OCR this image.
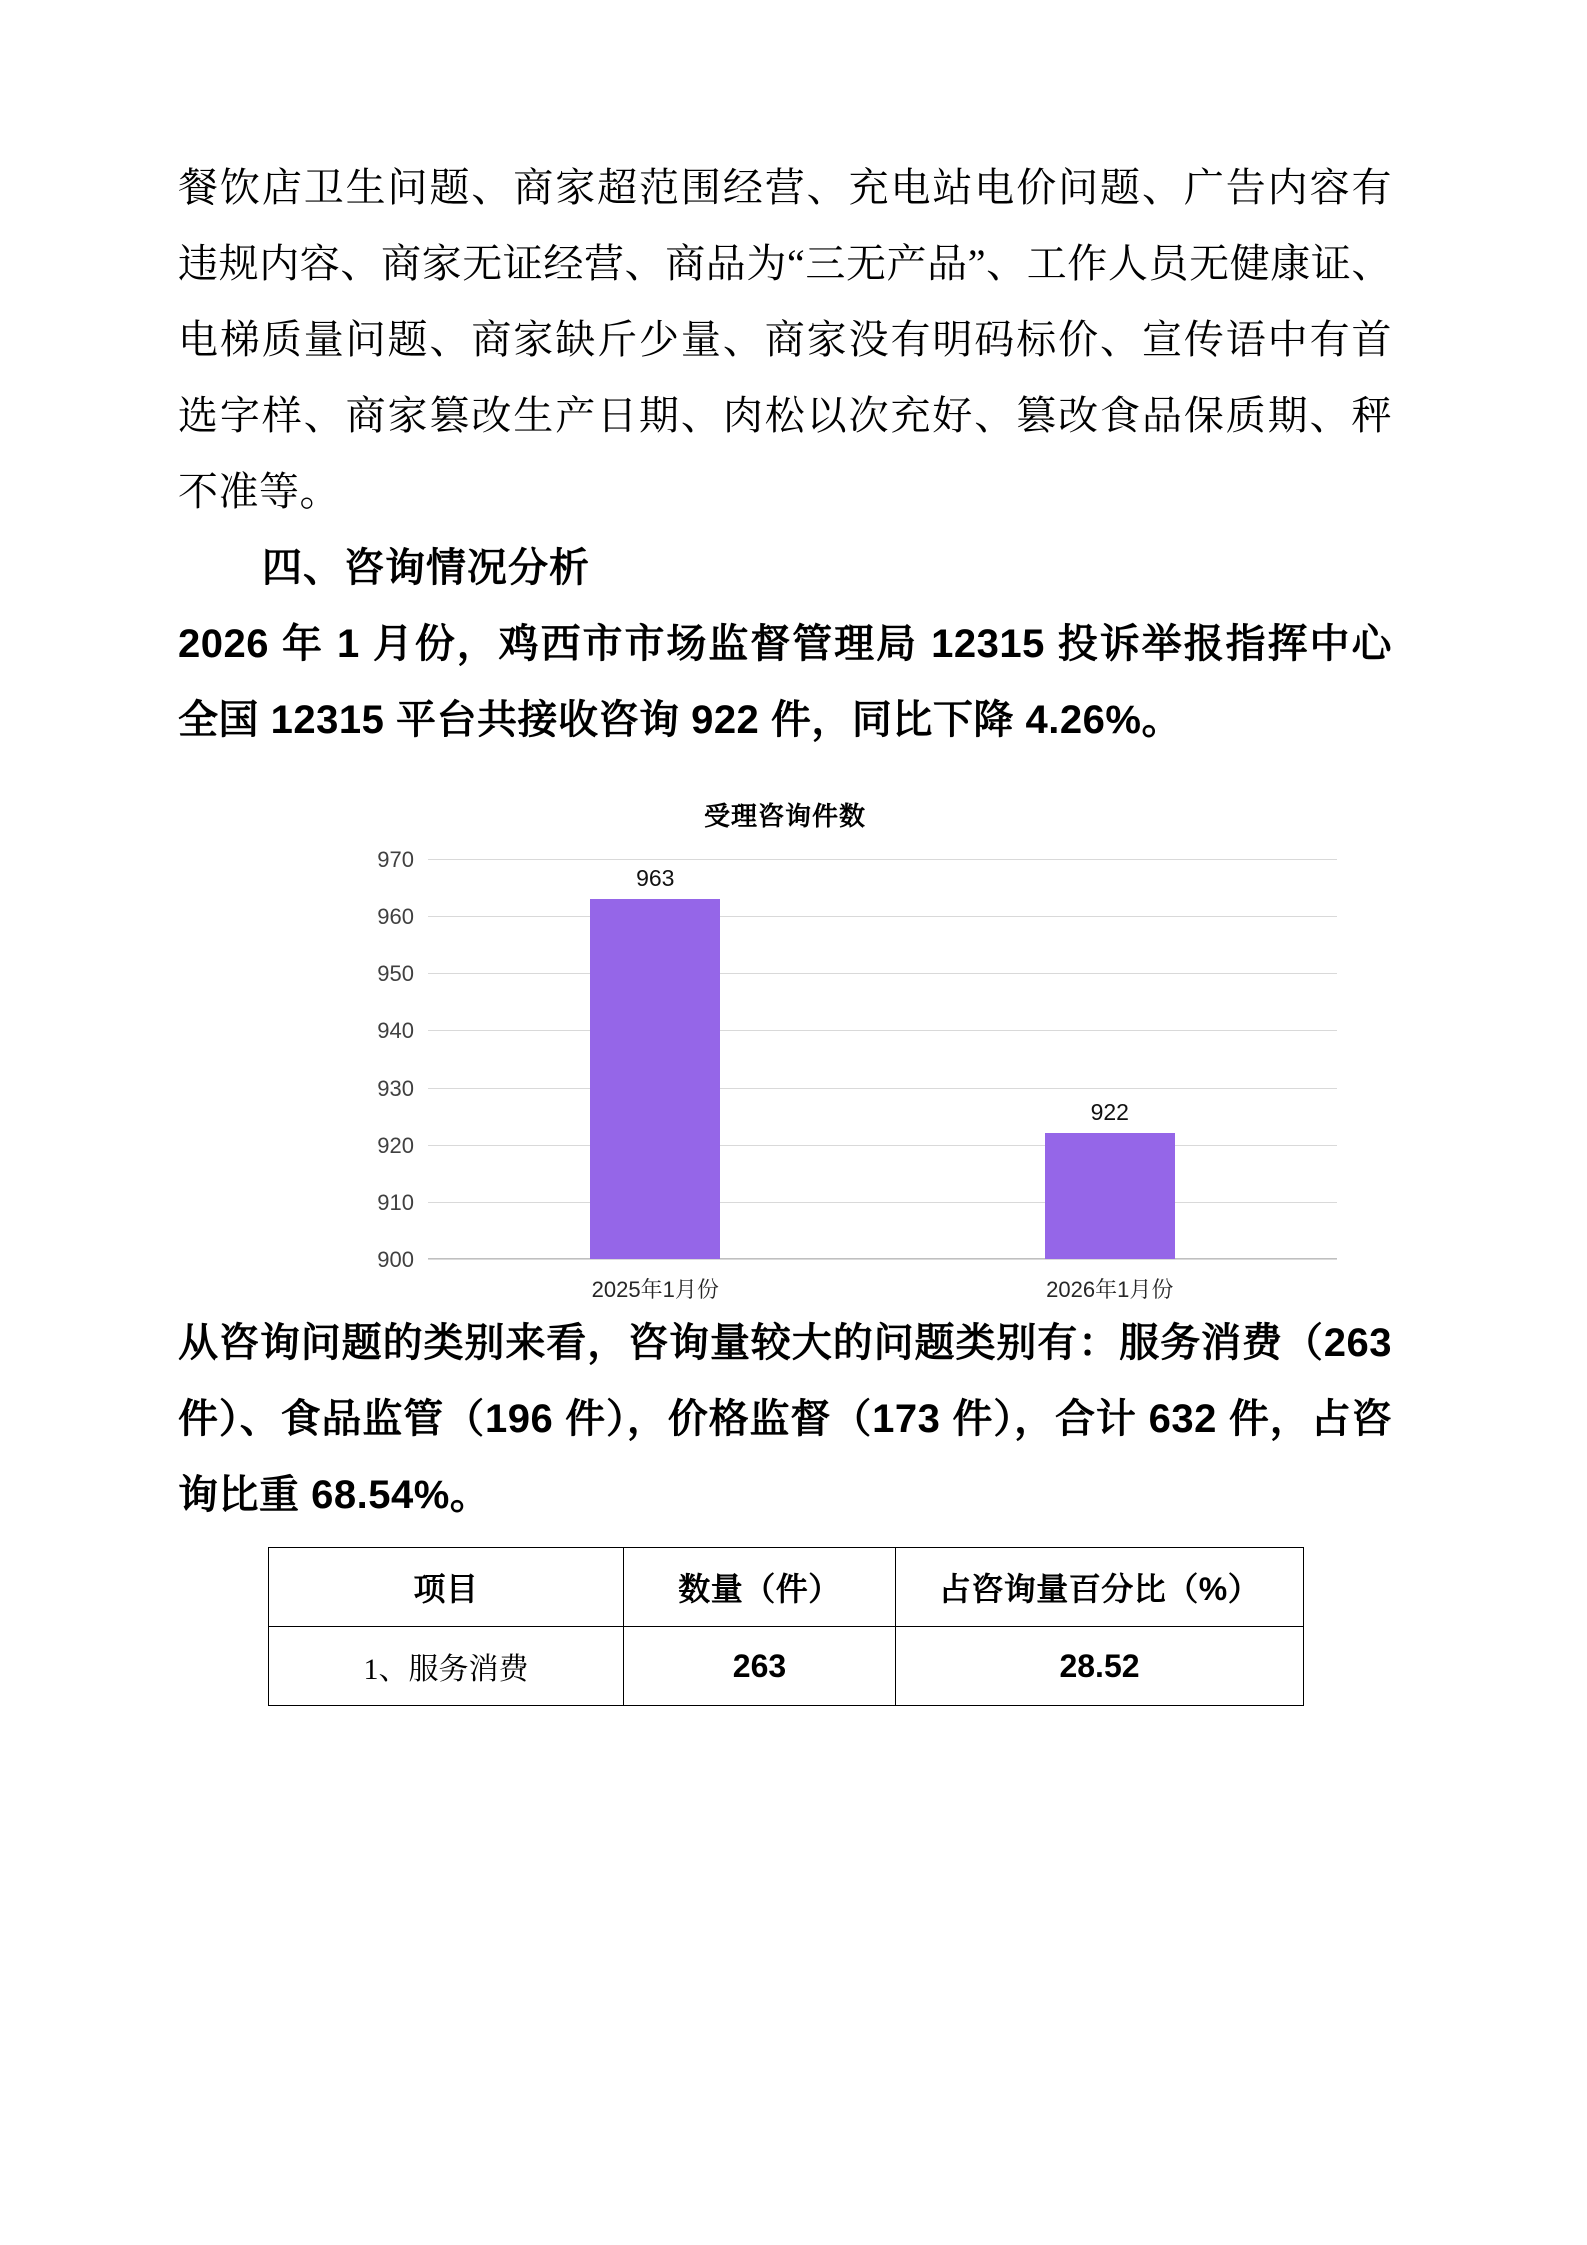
餐饮店卫生问题、商家超范围经营、充电站电价问题、广告内容有违规内容、商家无证经营、商品为“三无产品”、工作人员无健康证、电梯质量问题、商家缺斤少量、商家没有明码标价、宣传语中有首选字样、商家篡改生产日期、肉松以次充好、篡改食品保质期、秤不准等。

四、咨询情况分析

2026 年 1 月份，鸡西市市场监督管理局 12315 投诉举报指挥中心全国 12315 平台共接收咨询 922 件，同比下降 4.26%。

受理咨询件数
900
910
920
930
940
950
960
970
963
922
2025年1月份	2026年1月份

从咨询问题的类别来看，咨询量较大的问题类别有：服务消费（263 件）、食品监管（196 件），价格监督（173 件），合计 632 件，占咨询比重 68.54%。

项目	数量（件）	占咨询量百分比（%）
1、服务消费	263	28.52
